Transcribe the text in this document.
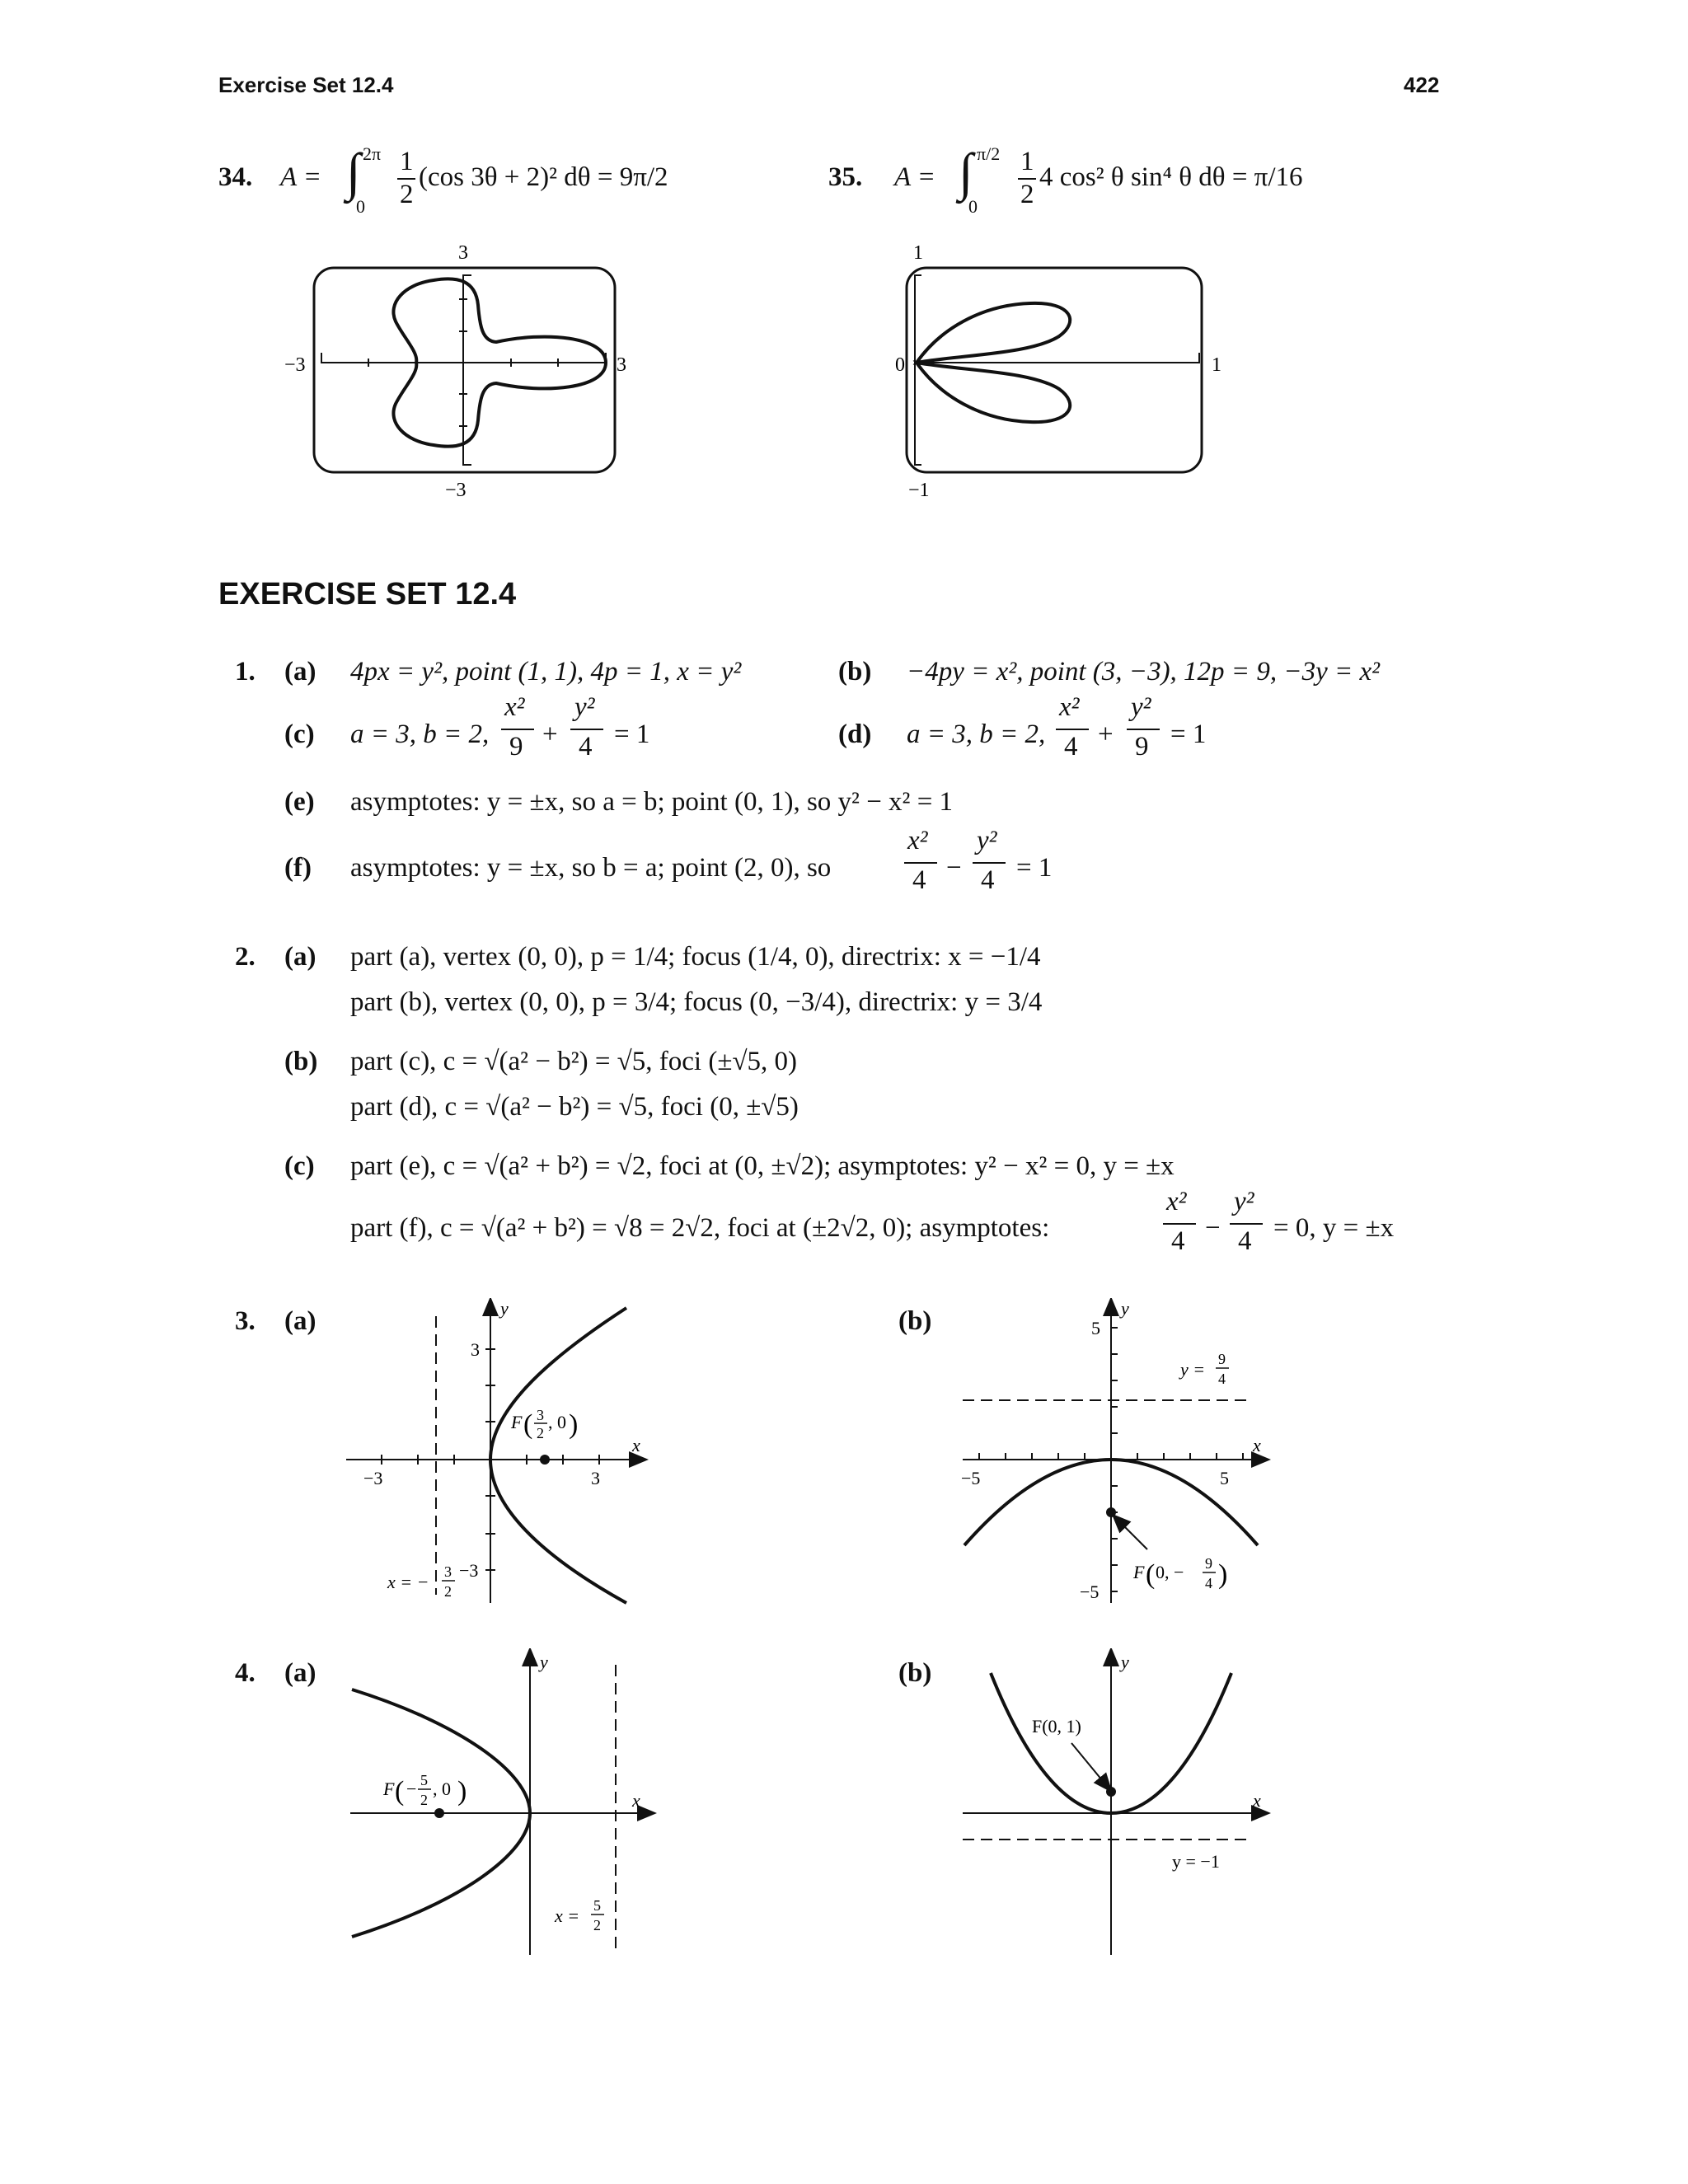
Exercise Set 12.4	422
34. A = ∫ 2π
0
1
2
(cos 3θ + 2)² dθ = 9π/2	35. A = ∫ π/2
0
1
2
4 cos² θ sin⁴ θ dθ = π/16
3
−3
−3	3
1
−1
0	1
EXERCISE SET 12.4
1. (a) 4px = y², point (1, 1), 4p = 1, x = y²	(b) −4py = x², point (3, −3), 12p = 9, −3y = x²
(c) a = 3, b = 2,
x²
9 +
y²
4 = 1	(d) a = 3, b = 2,
x²
4 +
y²
9 = 1
(e) asymptotes: y = ±x, so a = b; point (0, 1), so y² − x² = 1
(f) asymptotes: y = ±x, so b = a; point (2, 0), so
x²
4 −
y²
4 = 1
2. (a) part (a), vertex (0, 0), p = 1/4; focus (1/4, 0), directrix: x = −1/4
part (b), vertex (0, 0), p = 3/4; focus (0, −3/4), directrix: y = 3/4
(b) part (c), c = √(a² − b²) = √5, foci (±√5, 0)
part (d), c = √(a² − b²) = √5, foci (0, ±√5)
(c) part (e), c = √(a² + b²) = √2, foci at (0, ±√2); asymptotes: y² − x² = 0, y = ±x
part (f), c = √(a² + b²) = √8 = 2√2, foci at (±2√2, 0); asymptotes:
x²
4 −
y²
4 = 0, y = ±x
3. (a)	(b)
x
y
−3	3
3
−3
F ( 3
2
, 0 )
x = − 3
2
x
y
−5	5
5
−5
y = 9
4
F ( 0, − 9
4 )
4. (a)	(b)
x
y
F ( − 5
2
, 0 )
x = 5
2
x
y
F(0, 1)
y = −1
